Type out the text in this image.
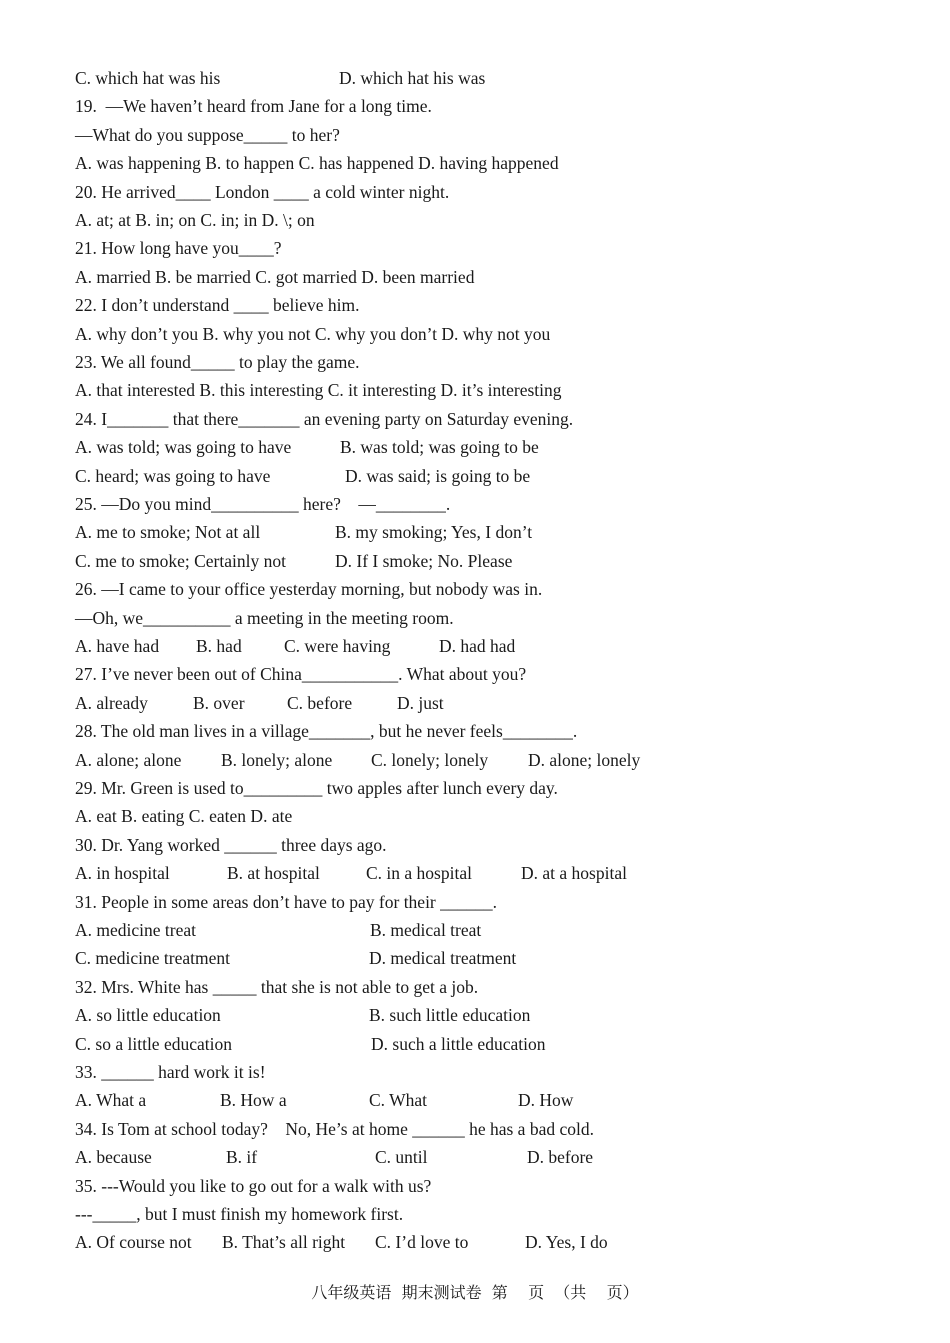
C. which hat was his	D. which hat his was
19.  —We haven’t heard from Jane for a long time.
—What do you suppose_____ to her?
A. was happening B. to happen C. has happened D. having happened
20. He arrived____ London ____ a cold winter night.
A. at; at B. in; on C. in; in D. \; on
21. How long have you____?
A. married B. be married C. got married D. been married
22. I don’t understand ____ believe him.
A. why don’t you B. why you not C. why you don’t D. why not you
23. We all found_____ to play the game.
A. that interested B. this interesting C. it interesting D. it’s interesting
24. I_______ that there_______ an evening party on Saturday evening.
A. was told; was going to have	B. was told; was going to be
C. heard; was going to have	D. was said; is going to be
25. —Do you mind__________ here?    —________.
A. me to smoke; Not at all	B. my smoking; Yes, I don’t
C. me to smoke; Certainly not	D. If I smoke; No. Please
26. —I came to your office yesterday morning, but nobody was in.
—Oh, we__________ a meeting in the meeting room.
A. have had B. had C. were having	D. had had
27. I’ve never been out of China___________. What about you?
A. already	B. over C. before	D. just
28. The old man lives in a village_______, but he never feels________.
A. alone; alone B. lonely; alone C. lonely; lonely D. alone; lonely
29. Mr. Green is used to_________ two apples after lunch every day.
A. eat B. eating C. eaten D. ate
30. Dr. Yang worked ______ three days ago.
A. in hospital	B. at hospital	C. in a hospital	D. at a hospital
31. People in some areas don’t have to pay for their ______.
A. medicine treat	B. medical treat
C. medicine treatment	D. medical treatment
32. Mrs. White has _____ that she is not able to get a job.
A. so little education	B. such little education
C. so a little education	D. such a little education
33. ______ hard work it is!
A. What a	B. How a	C. What	D. How
34. Is Tom at school today?    No, He’s at home ______ he has a bad cold.
A. because	B. if	C. until	D. before
35. ---Would you like to go out for a walk with us?
---_____, but I must finish my homework first.
A. Of course not B. That’s all right C. I’d love to	D. Yes, I do
八年级英语  期末测试卷  第    页  （共    页）
